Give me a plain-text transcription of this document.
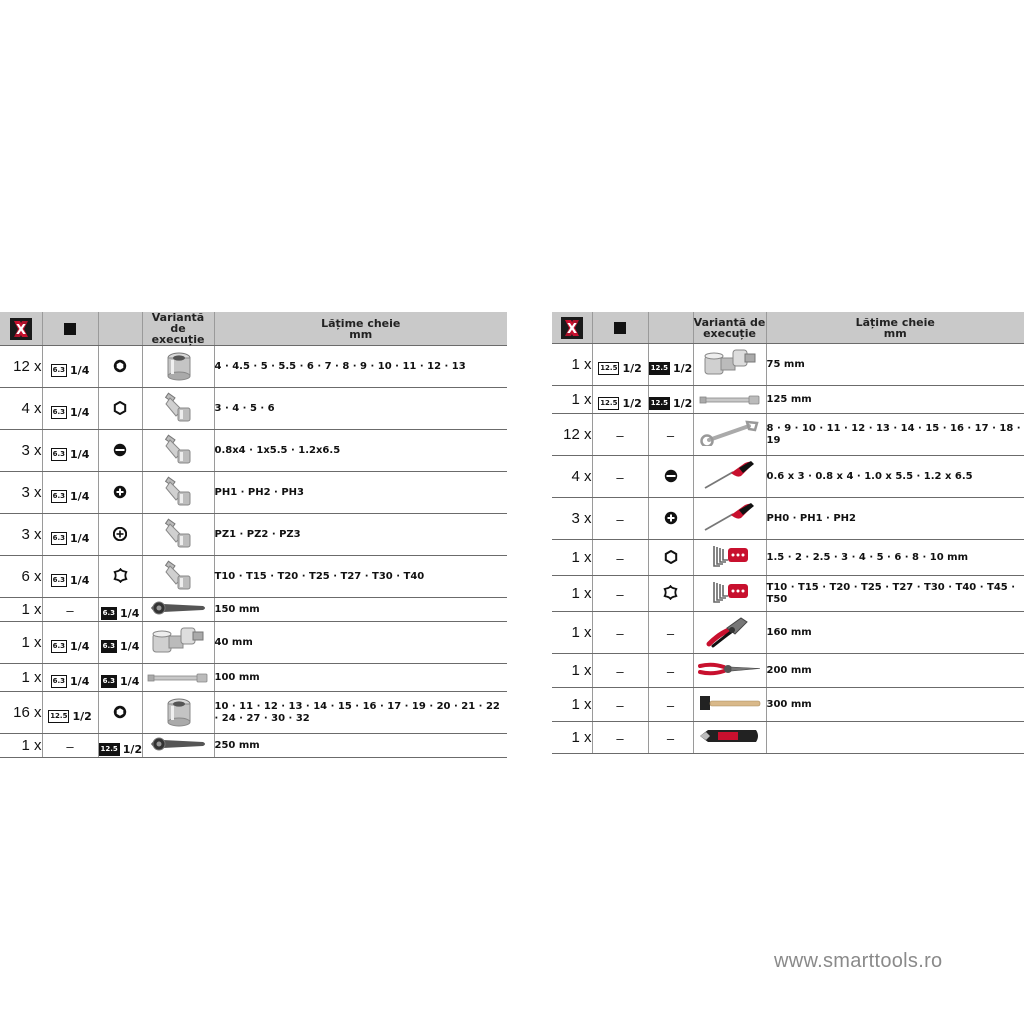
X			Variantă de execuție	Lățime cheie
mm
12 x	6.3 1/4			4 · 4.5 · 5 · 5.5 · 6 · 7 · 8 · 9 · 10 · 11 · 12 · 13
4 x	6.3 1/4			3 · 4 · 5 · 6
3 x	6.3 1/4			0.8x4 · 1x5.5 · 1.2x6.5
3 x	6.3 1/4			PH1 · PH2 · PH3
3 x	6.3 1/4			PZ1 · PZ2 · PZ3
6 x	6.3 1/4			T10 · T15 · T20 · T25 · T27 · T30 · T40
1 x	–	6.3 1/4		150 mm
1 x	6.3 1/4	6.3 1/4		40 mm
1 x	6.3 1/4	6.3 1/4		100 mm
16 x	12.5 1/2			10 · 11 · 12 · 13 · 14 · 15 · 16 · 17 · 19 · 20 · 21 · 22 · 24 · 27 · 30 · 32
1 x	–	12.5 1/2		250 mm
X			Variantă de execuție	Lățime cheie
mm
1 x	12.5 1/2	12.5 1/2		75 mm
1 x	12.5 1/2	12.5 1/2		125 mm
12 x	–	–		8 · 9 · 10 · 11 · 12 · 13 · 14 · 15 · 16 · 17 · 18 · 19
4 x	–			0.6 x 3 · 0.8 x 4 · 1.0 x 5.5 · 1.2 x 6.5
3 x	–			PH0 · PH1 · PH2
1 x	–			1.5 · 2 · 2.5 · 3 · 4 · 5 · 6 · 8 · 10 mm
1 x	–			T10 · T15 · T20 · T25 · T27 · T30 · T40 · T45 · T50
1 x	–	–		160 mm
1 x	–	–		200 mm
1 x	–	–		300 mm
1 x	–	–		
www.smarttools.ro
